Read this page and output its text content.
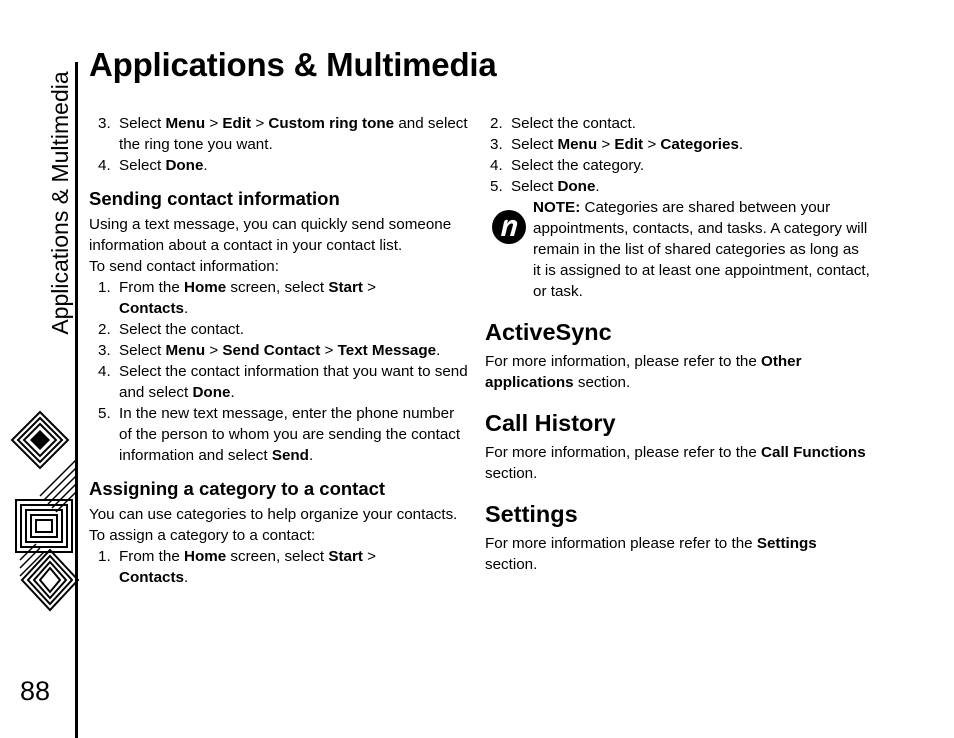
Applications & Multimedia
88
Applications & Multimedia
3. Select Menu > Edit > Custom ring tone and select the ring tone you want.
4. Select Done.
Sending contact information

Using a text message, you can quickly send someone information about a contact in your contact list.

To send contact information:

1. From the Home screen, select Start >
Contacts.
2. Select the contact.
3. Select Menu > Send Contact > Text Message.
4. Select the contact information that you want to send and select Done.
5. In the new text message, enter the phone number of the person to whom you are sending the contact information and select Send.
Assigning a category to a contact

You can use categories to help organize your contacts.

To assign a category to a contact:

1. From the Home screen, select Start >
Contacts.
2. Select the contact.
3. Select Menu > Edit > Categories.
4. Select the category.
5. Select Done.

NOTE: Categories are shared between your appointments, contacts, and tasks. A category will remain in the list of shared categories as long as it is assigned to at least one appointment, contact, or task.

ActiveSync

For more information, please refer to the Other applications section.

Call History

For more information, please refer to the Call Functions section.

Settings

For more information please refer to the Settings section.
